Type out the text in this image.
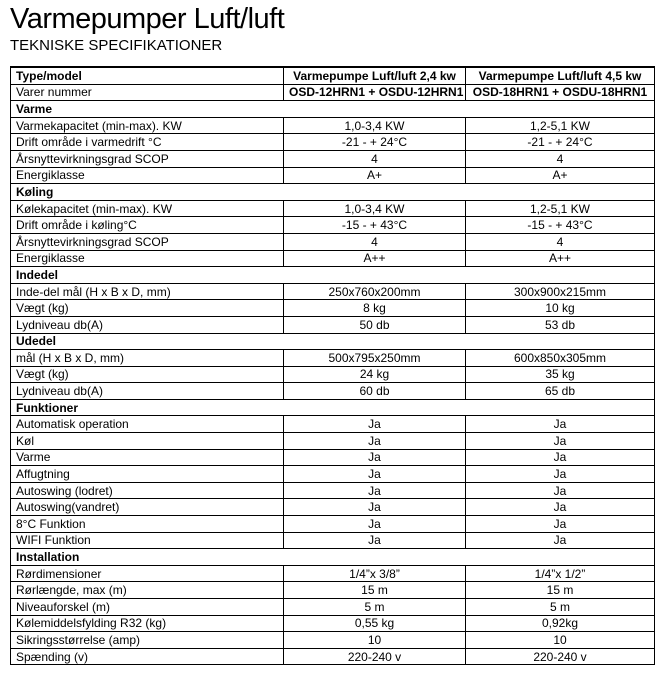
Varmepumper Luft/luft
TEKNISKE SPECIFIKATIONER
Type/model	Varmepumpe Luft/luft 2,4 kw	Varmepumpe Luft/luft 4,5 kw
Varer nummer	OSD-12HRN1 + OSDU-12HRN1	OSD-18HRN1 + OSDU-18HRN1
Varme		
Varmekapacitet (min-max). KW	1,0-3,4 KW	1,2-5,1 KW
Drift område i varmedrift °C	-21 - + 24°C	-21 - + 24°C
Årsnyttevirkningsgrad SCOP	4	4
Energiklasse	A+	A+
Køling		
Kølekapacitet (min-max). KW	1,0-3,4 KW	1,2-5,1 KW
Drift område i køling°C	-15 - + 43°C	-15 - + 43°C
Årsnyttevirkningsgrad SCOP	4	4
Energiklasse	A++	A++
Indedel		
Inde-del mål (H x B x D, mm)	250x760x200mm	300x900x215mm
Vægt (kg)	8 kg	10 kg
Lydniveau db(A)	50 db	53 db
Udedel		
mål (H x B x D, mm)	500x795x250mm	600x850x305mm
Vægt (kg)	24 kg	35 kg
Lydniveau db(A)	60 db	65 db
Funktioner		
Automatisk operation	Ja	Ja
Køl	Ja	Ja
Varme	Ja	Ja
Affugtning	Ja	Ja
Autoswing (lodret)	Ja	Ja
Autoswing(vandret)	Ja	Ja
8°C Funktion	Ja	Ja
WIFI Funktion	Ja	Ja
Installation		
Rørdimensioner	1/4”x 3/8”	1/4”x 1/2”
Rørlængde, max (m)	15 m	15 m
Niveauforskel (m)	5 m	5 m
Kølemiddelsfylding R32 (kg)	0,55 kg	0,92kg
Sikringsstørrelse (amp)	10	10
Spænding (v)	220-240 v	220-240 v
